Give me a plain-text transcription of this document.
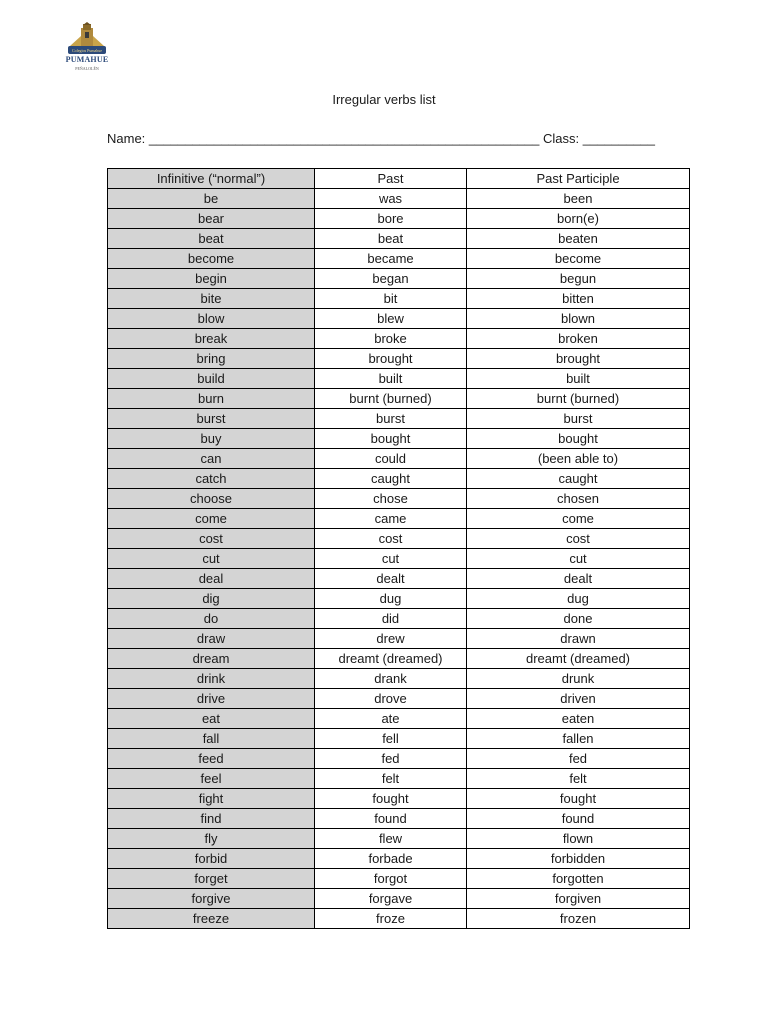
Colegios Pumahue
PUMAHUE
PEÑALOLÉN
Irregular verbs list
Name: ______________________________________________________ Class: __________
Infinitive (“normal”)	Past	Past Participle
be	was	been
bear	bore	born(e)
beat	beat	beaten
become	became	become
begin	began	begun
bite	bit	bitten
blow	blew	blown
break	broke	broken
bring	brought	brought
build	built	built
burn	burnt (burned)	burnt (burned)
burst	burst	burst
buy	bought	bought
can	could	(been able to)
catch	caught	caught
choose	chose	chosen
come	came	come
cost	cost	cost
cut	cut	cut
deal	dealt	dealt
dig	dug	dug
do	did	done
draw	drew	drawn
dream	dreamt (dreamed)	dreamt (dreamed)
drink	drank	drunk
drive	drove	driven
eat	ate	eaten
fall	fell	fallen
feed	fed	fed
feel	felt	felt
fight	fought	fought
find	found	found
fly	flew	flown
forbid	forbade	forbidden
forget	forgot	forgotten
forgive	forgave	forgiven
freeze	froze	frozen
